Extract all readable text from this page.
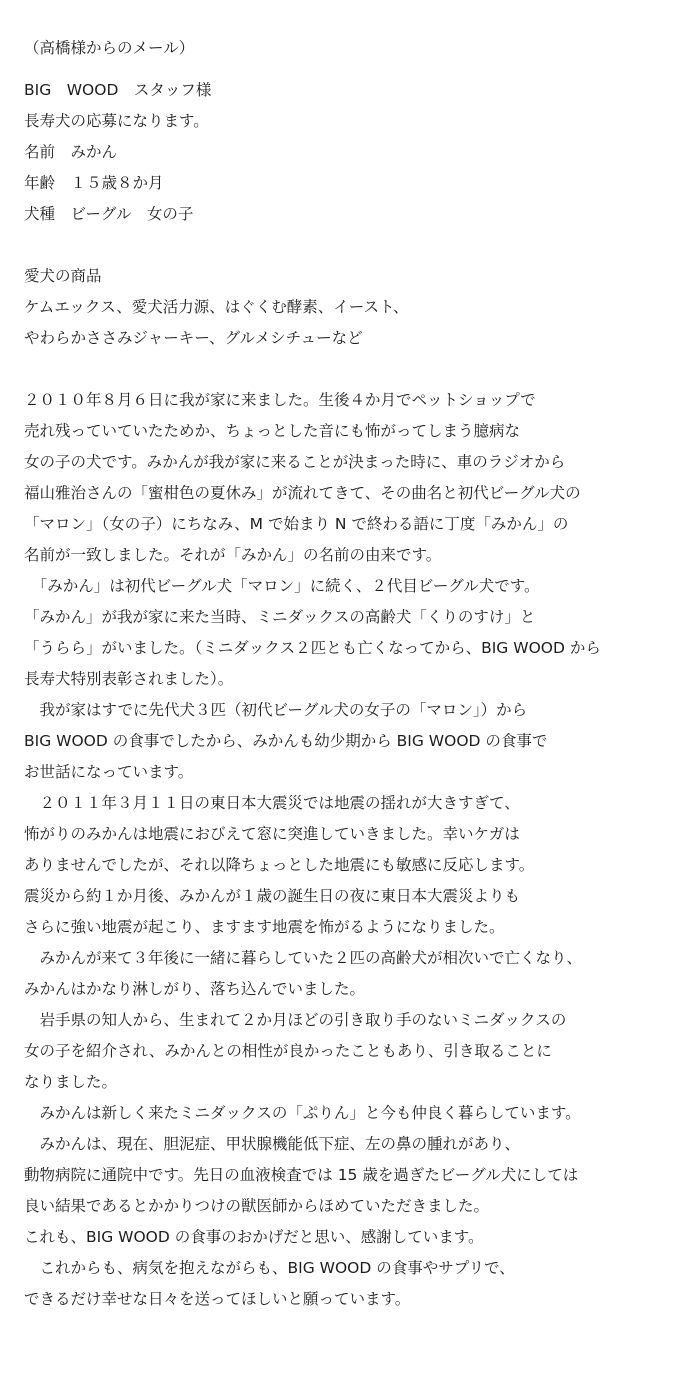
（高橋様からのメール）
BIG　WOOD　スタッフ様
長寿犬の応募になります。
名前　みかん
年齢　１５歳８か月
犬種　ビーグル　女の子
愛犬の商品
ケムエックス、愛犬活力源、はぐくむ酵素、イースト、
やわらかささみジャーキー、グルメシチューなど
２０１０年８月６日に我が家に来ました。生後４か月でペットショップで
売れ残っていていたためか、ちょっとした音にも怖がってしまう臆病な
女の子の犬です。みかんが我が家に来ることが決まった時に、車のラジオから
福山雅治さんの「蜜柑色の夏休み」が流れてきて、その曲名と初代ビーグル犬の
「マロン」（女の子）にちなみ、M で始まり N で終わる語に丁度「みかん」の
名前が一致しました。それが「みかん」の名前の由来です。
　「みかん」は初代ビーグル犬「マロン」に続く、２代目ビーグル犬です。
「みかん」が我が家に来た当時、ミニダックスの高齢犬「くりのすけ」と
「うらら」がいました。（ミニダックス２匹とも亡くなってから、BIG WOOD から
長寿犬特別表彰されました）。
　我が家はすでに先代犬３匹（初代ビーグル犬の女子の「マロン」）から
BIG WOOD の食事でしたから、みかんも幼少期から BIG WOOD の食事で
お世話になっています。
　２０１１年３月１１日の東日本大震災では地震の揺れが大きすぎて、
怖がりのみかんは地震におびえて窓に突進していきました。幸いケガは
ありませんでしたが、それ以降ちょっとした地震にも敏感に反応します。
震災から約１か月後、みかんが１歳の誕生日の夜に東日本大震災よりも
さらに強い地震が起こり、ますます地震を怖がるようになりました。
　みかんが来て３年後に一緒に暮らしていた２匹の高齢犬が相次いで亡くなり、
みかんはかなり淋しがり、落ち込んでいました。
　岩手県の知人から、生まれて２か月ほどの引き取り手のないミニダックスの
女の子を紹介され、みかんとの相性が良かったこともあり、引き取ることに
なりました。
　みかんは新しく来たミニダックスの「ぷりん」と今も仲良く暮らしています。
　みかんは、現在、胆泥症、甲状腺機能低下症、左の鼻の腫れがあり、
動物病院に通院中です。先日の血液検査では 15 歳を過ぎたビーグル犬にしては
良い結果であるとかかりつけの獣医師からほめていただきました。
これも、BIG WOOD の食事のおかげだと思い、感謝しています。
　これからも、病気を抱えながらも、BIG WOOD の食事やサプリで、
できるだけ幸せな日々を送ってほしいと願っています。
